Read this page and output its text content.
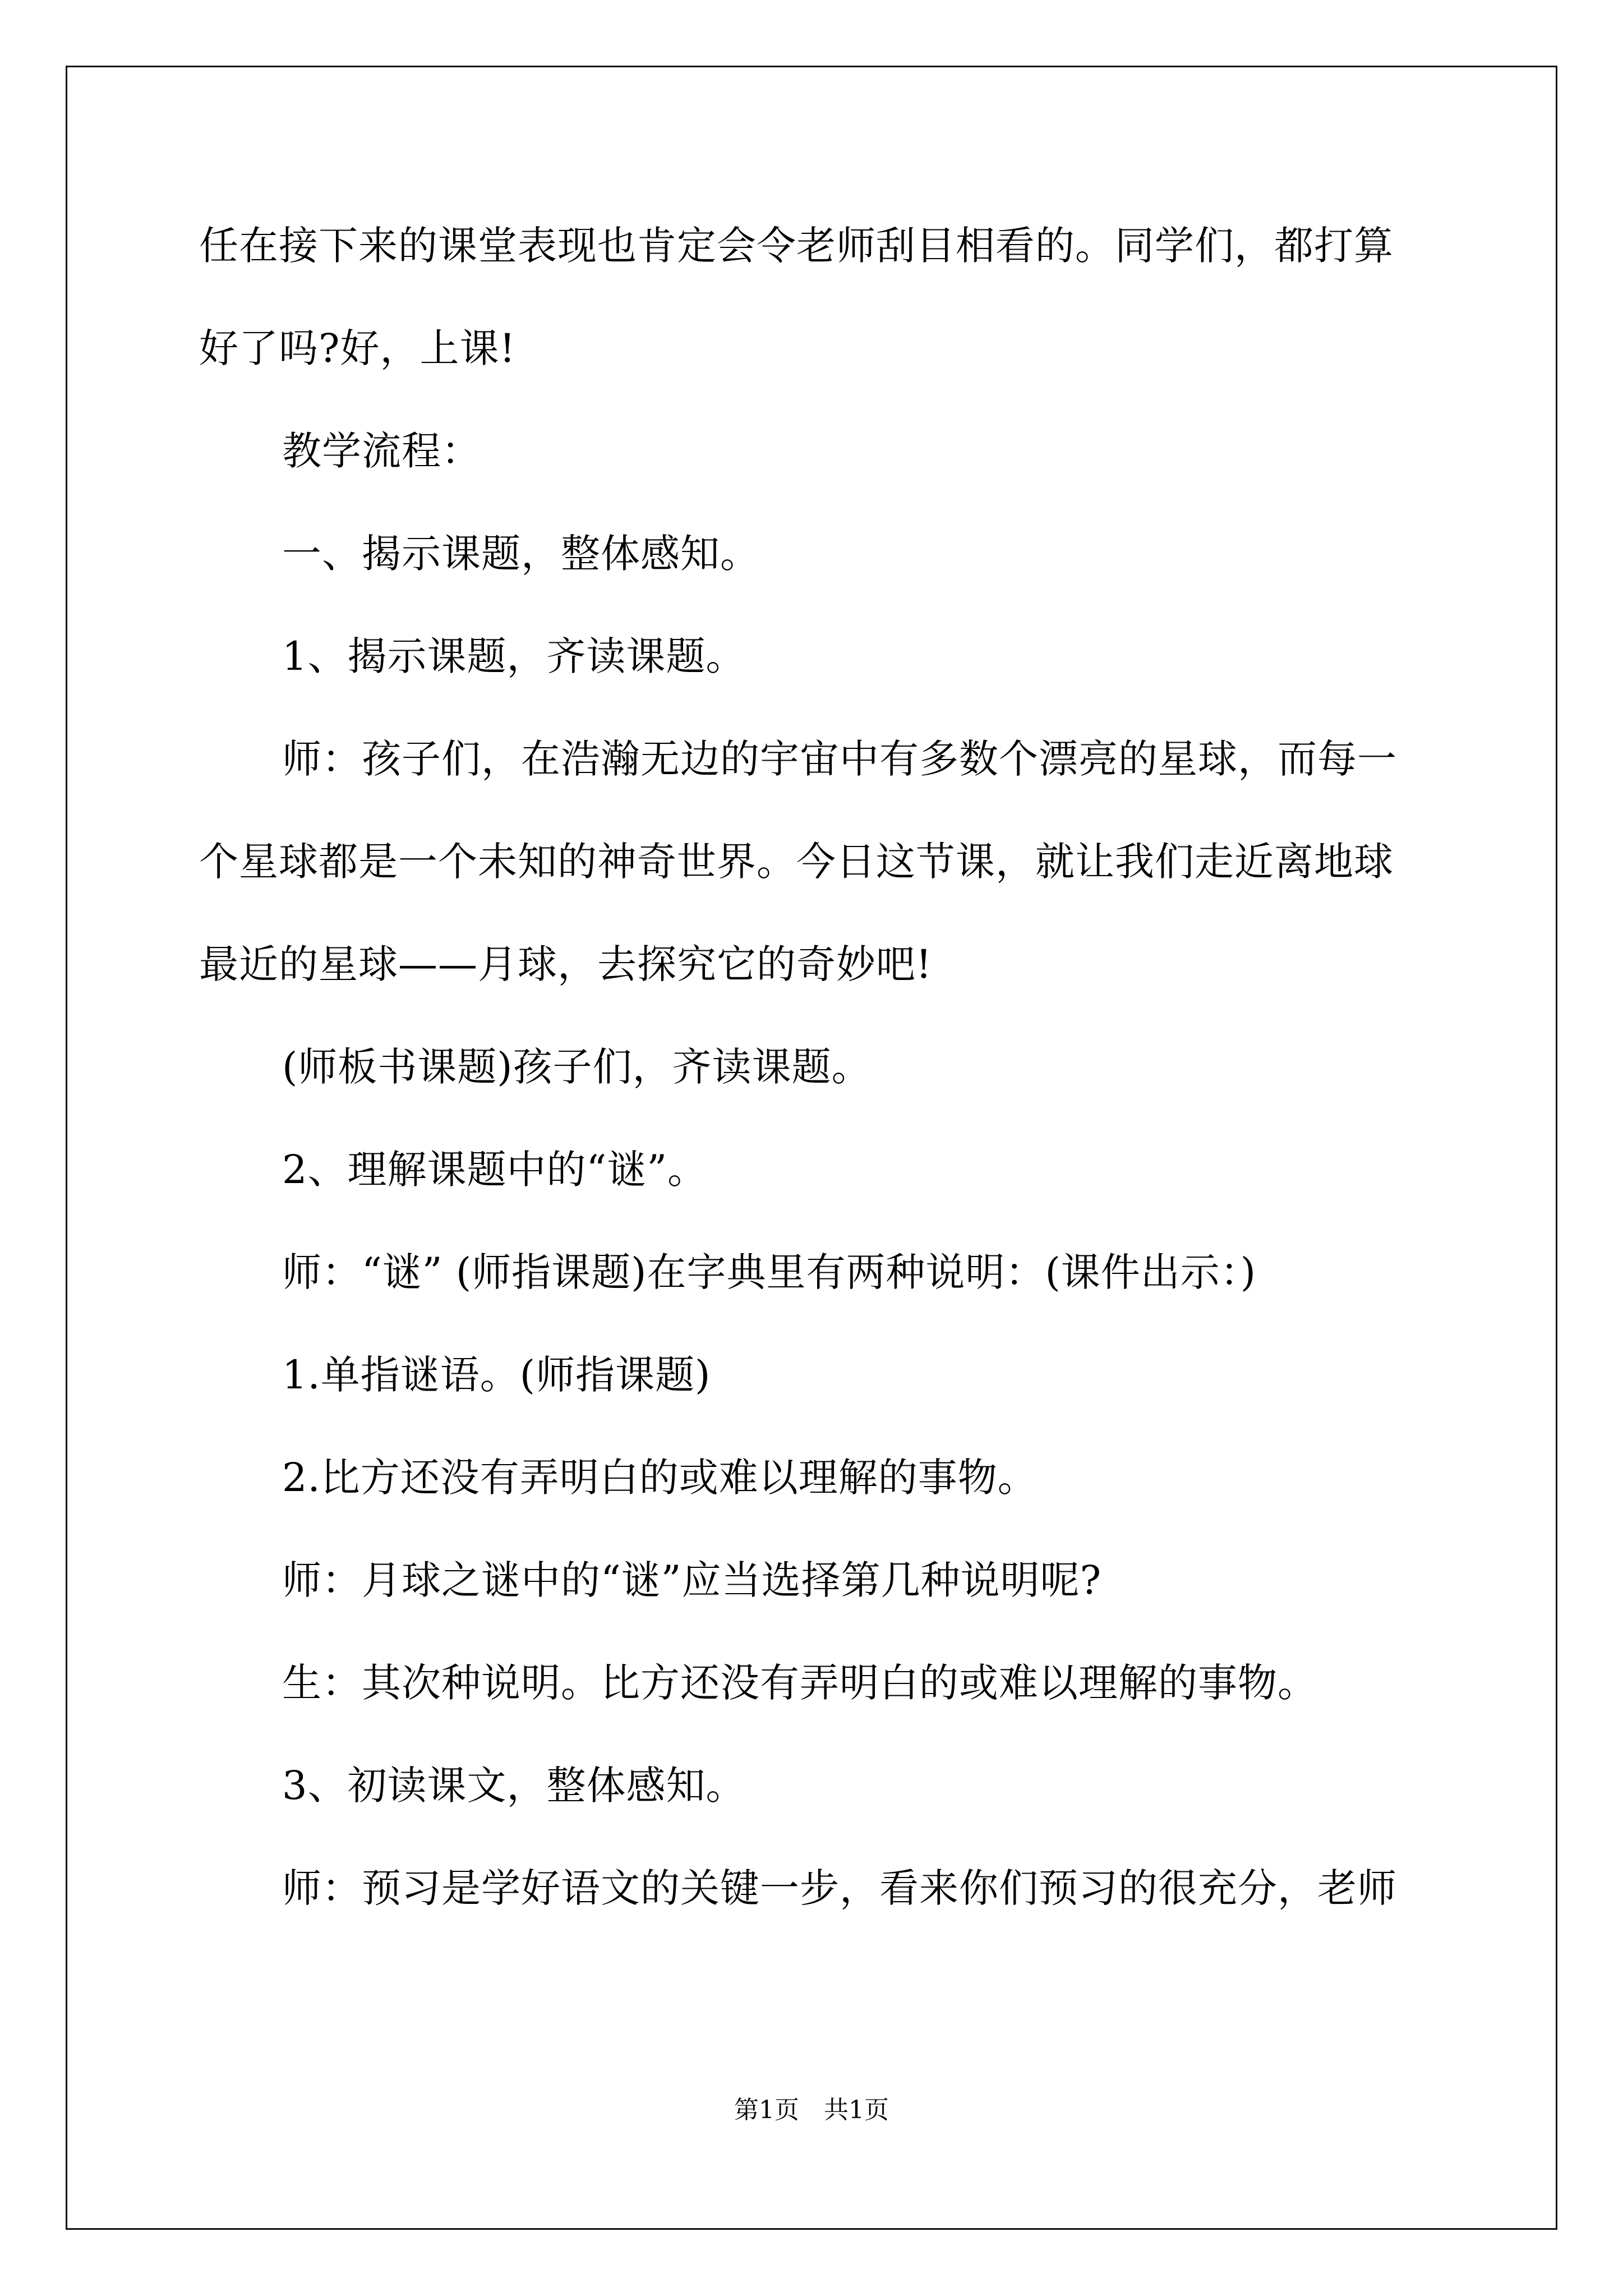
任在接下来的课堂表现也肯定会令老师刮目相看的。同学们，都打算
好了吗?好，上课!
教学流程：
一、揭示课题，整体感知。
1、揭示课题，齐读课题。
师：孩子们，在浩瀚无边的宇宙中有多数个漂亮的星球，而每一
个星球都是一个未知的神奇世界。今日这节课，就让我们走近离地球
最近的星球——月球，去探究它的奇妙吧!
(师板书课题)孩子们，齐读课题。
2、理解课题中的“谜”。
师：“谜” (师指课题)在字典里有两种说明：(课件出示：)
1.单指谜语。(师指课题)
2.比方还没有弄明白的或难以理解的事物。
师：月球之谜中的“谜”应当选择第几种说明呢?
生：其次种说明。比方还没有弄明白的或难以理解的事物。
3、初读课文，整体感知。
师：预习是学好语文的关键一步，看来你们预习的很充分，老师
第1页　共1页
